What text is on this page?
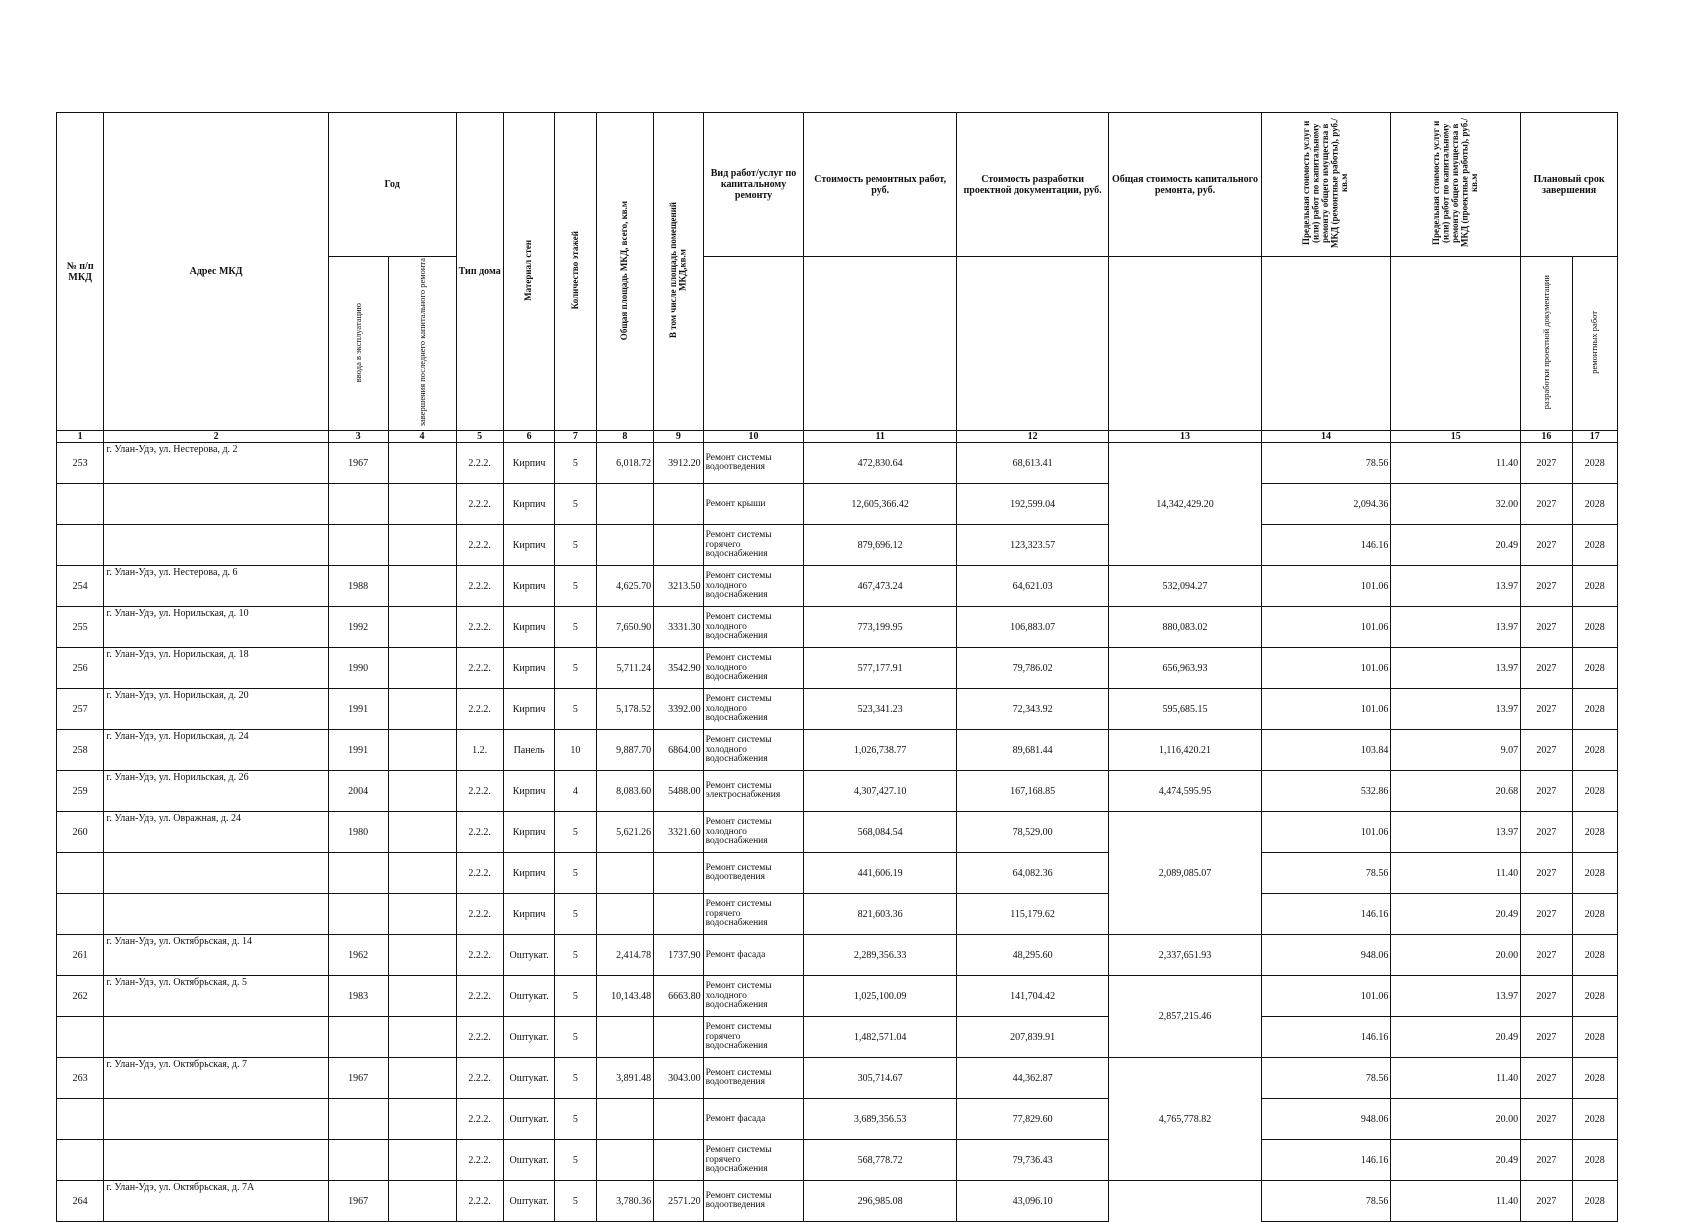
№ п/п МКД	Адрес МКД	Год		Тип дома	Материал стен	Количество этажей	Общая площадь МКД, всего, кв.м	В том числе площадь помещений МКД,кв.м	Вид работ/услуг по капитальному ремонту	Стоимость ремонтных работ, руб.	Стоимость разработки проектной документации, руб.	Общая стоимость капитального ремонта, руб.	Предельная стоимость услуг и (или) работ по капитальному ремонту общего имущества в МКД (ремонтные работы), руб./кв.м	Предельная стоимость услуг и (или) работ по капитальному ремонту общего имущества в МКД (проектные работы), руб./кв.м	Плановый срок завершения	
		ввода в эксплуатацию	завершения последнего капитального ремонта												разработки проектной документации	ремонтных работ
1	2	3	4	5	6	7	8	9	10	11	12	13	14	15	16	17
253	г. Улан-Удэ, ул. Нестерова, д. 2	1967		2.2.2.	Кирпич	5	6,018.72	3912.20	Ремонт системы водоотведения	472,830.64	68,613.41	14,342,429.20	78.56	11.40	2027	2028
				2.2.2.	Кирпич	5			Ремонт крыши	12,605,366.42	192,599.04		2,094.36	32.00	2027	2028
				2.2.2.	Кирпич	5			Ремонт системы горячего водоснабжения	879,696.12	123,323.57		146.16	20.49	2027	2028
254	г. Улан-Удэ, ул. Нестерова, д. 6	1988		2.2.2.	Кирпич	5	4,625.70	3213.50	Ремонт системы холодного водоснабжения	467,473.24	64,621.03	532,094.27	101.06	13.97	2027	2028
255	г. Улан-Удэ, ул. Норильская, д. 10	1992		2.2.2.	Кирпич	5	7,650.90	3331.30	Ремонт системы холодного водоснабжения	773,199.95	106,883.07	880,083.02	101.06	13.97	2027	2028
256	г. Улан-Удэ, ул. Норильская, д. 18	1990		2.2.2.	Кирпич	5	5,711.24	3542.90	Ремонт системы холодного водоснабжения	577,177.91	79,786.02	656,963.93	101.06	13.97	2027	2028
257	г. Улан-Удэ, ул. Норильская, д. 20	1991		2.2.2.	Кирпич	5	5,178.52	3392.00	Ремонт системы холодного водоснабжения	523,341.23	72,343.92	595,685.15	101.06	13.97	2027	2028
258	г. Улан-Удэ, ул. Норильская, д. 24	1991		1.2.	Панель	10	9,887.70	6864.00	Ремонт системы холодного водоснабжения	1,026,738.77	89,681.44	1,116,420.21	103.84	9.07	2027	2028
259	г. Улан-Удэ, ул. Норильская, д. 26	2004		2.2.2.	Кирпич	4	8,083.60	5488.00	Ремонт системы электроснабжения	4,307,427.10	167,168.85	4,474,595.95	532.86	20.68	2027	2028
260	г. Улан-Удэ, ул. Овражная, д. 24	1980		2.2.2.	Кирпич	5	5,621.26	3321.60	Ремонт системы холодного водоснабжения	568,084.54	78,529.00	2,089,085.07	101.06	13.97	2027	2028
				2.2.2.	Кирпич	5			Ремонт системы водоотведения	441,606.19	64,082.36		78.56	11.40	2027	2028
				2.2.2.	Кирпич	5			Ремонт системы горячего водоснабжения	821,603.36	115,179.62		146.16	20.49	2027	2028
261	г. Улан-Удэ, ул. Октябрьская, д. 14	1962		2.2.2.	Оштукат.	5	2,414.78	1737.90	Ремонт фасада	2,289,356.33	48,295.60	2,337,651.93	948.06	20.00	2027	2028
262	г. Улан-Удэ, ул. Октябрьская, д. 5	1983		2.2.2.	Оштукат.	5	10,143.48	6663.80	Ремонт системы холодного водоснабжения	1,025,100.09	141,704.42	2,857,215.46	101.06	13.97	2027	2028
				2.2.2.	Оштукат.	5			Ремонт системы горячего водоснабжения	1,482,571.04	207,839.91		146.16	20.49	2027	2028
263	г. Улан-Удэ, ул. Октябрьская, д. 7	1967		2.2.2.	Оштукат.	5	3,891.48	3043.00	Ремонт системы водоотведения	305,714.67	44,362.87	4,765,778.82	78.56	11.40	2027	2028
				2.2.2.	Оштукат.	5			Ремонт фасада	3,689,356.53	77,829.60		948.06	20.00	2027	2028
				2.2.2.	Оштукат.	5			Ремонт системы горячего водоснабжения	568,778.72	79,736.43		146.16	20.49	2027	2028
264	г. Улан-Удэ, ул. Октябрьская, д. 7А	1967		2.2.2.	Оштукат.	5	3,780.36	2571.20	Ремонт системы водоотведения	296,985.08	43,096.10		78.56	11.40	2027	2028
